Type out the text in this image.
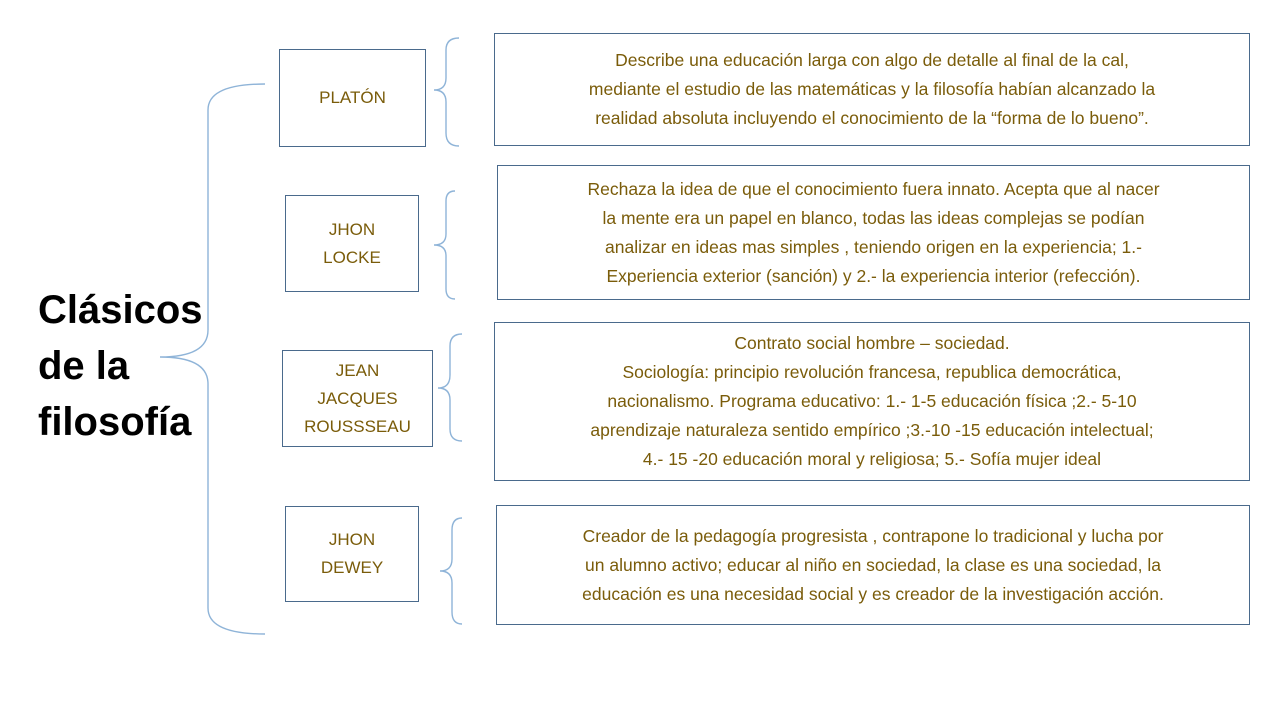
Clásicos
de la
filosofía
PLATÓN
JHON
LOCKE
JEAN
JACQUES
ROUSSSEAU
JHON
DEWEY
Describe una educación larga con algo de detalle al final de la cal,
mediante el estudio de las matemáticas y la filosofía habían alcanzado la
realidad absoluta incluyendo el conocimiento de la “forma de lo bueno”.
Rechaza la idea de que el conocimiento fuera innato. Acepta que al nacer
la mente era un papel en blanco, todas las ideas complejas se podían
analizar en ideas mas simples , teniendo origen en la experiencia; 1.-
Experiencia exterior (sanción) y 2.- la experiencia interior (refección).
Contrato social hombre – sociedad.
Sociología: principio revolución francesa, republica democrática,
nacionalismo. Programa educativo: 1.- 1-5 educación física ;2.- 5-10
aprendizaje naturaleza sentido empírico ;3.-10 -15 educación intelectual;
4.- 15 -20 educación moral y religiosa; 5.- Sofía mujer ideal
Creador de la pedagogía progresista , contrapone lo tradicional y lucha por
un alumno activo; educar al niño en sociedad, la clase es una sociedad, la
educación es una necesidad social y es creador de la investigación acción.
